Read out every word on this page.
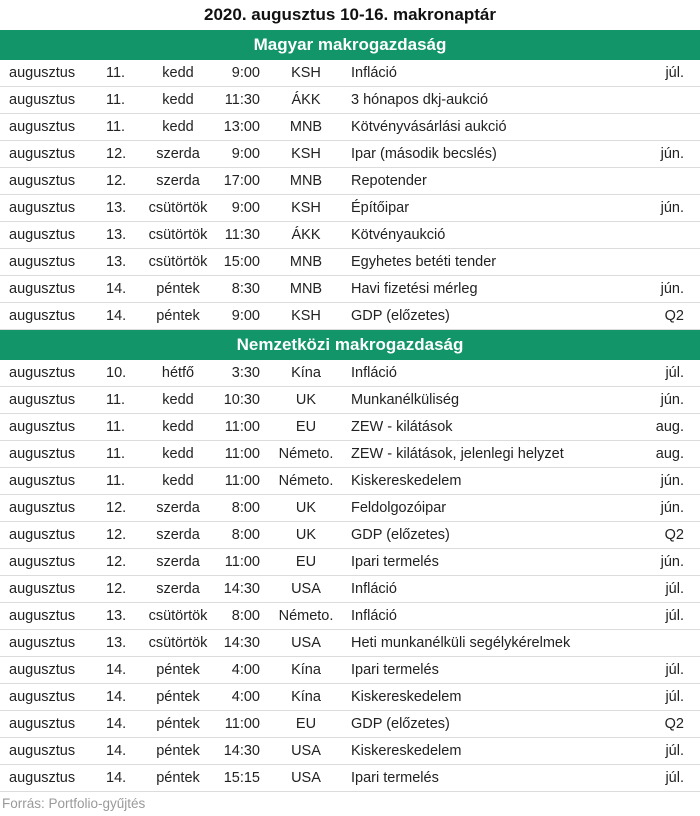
2020. augusztus 10-16. makronaptár
Magyar makrogazdaság
augusztus 11.	kedd	9:00	KSH	Infláció	júl.
augusztus 11.	kedd	11:30	ÁKK	3 hónapos dkj-aukció
augusztus 11.	kedd	13:00	MNB	Kötvényvásárlási aukció
augusztus 12.	szerda	9:00	KSH	Ipar (második becslés)	jún.
augusztus 12.	szerda	17:00	MNB	Repotender
augusztus 13.	csütörtök	9:00	KSH	Építőipar	jún.
augusztus 13.	csütörtök	11:30	ÁKK	Kötvényaukció
augusztus 13.	csütörtök	15:00	MNB	Egyhetes betéti tender
augusztus 14.	péntek	8:30	MNB	Havi fizetési mérleg	jún.
augusztus 14.	péntek	9:00	KSH	GDP (előzetes)	Q2
Nemzetközi makrogazdaság
augusztus 10.	hétfő	3:30	Kína	Infláció	júl.
augusztus 11.	kedd	10:30	UK	Munkanélküliség	jún.
augusztus 11.	kedd	11:00	EU	ZEW - kilátások	aug.
augusztus 11.	kedd	11:00	Németo.	ZEW - kilátások, jelenlegi helyzet	aug.
augusztus 11.	kedd	11:00	Németo.	Kiskereskedelem	jún.
augusztus 12.	szerda	8:00	UK	Feldolgozóipar	jún.
augusztus 12.	szerda	8:00	UK	GDP (előzetes)	Q2
augusztus 12.	szerda	11:00	EU	Ipari termelés	jún.
augusztus 12.	szerda	14:30	USA	Infláció	júl.
augusztus 13.	csütörtök	8:00	Németo.	Infláció	júl.
augusztus 13.	csütörtök	14:30	USA	Heti munkanélküli segélykérelmek
augusztus 14.	péntek	4:00	Kína	Ipari termelés	júl.
augusztus 14.	péntek	4:00	Kína	Kiskereskedelem	júl.
augusztus 14.	péntek	11:00	EU	GDP (előzetes)	Q2
augusztus 14.	péntek	14:30	USA	Kiskereskedelem	júl.
augusztus 14.	péntek	15:15	USA	Ipari termelés	júl.
Forrás: Portfolio-gyűjtés
